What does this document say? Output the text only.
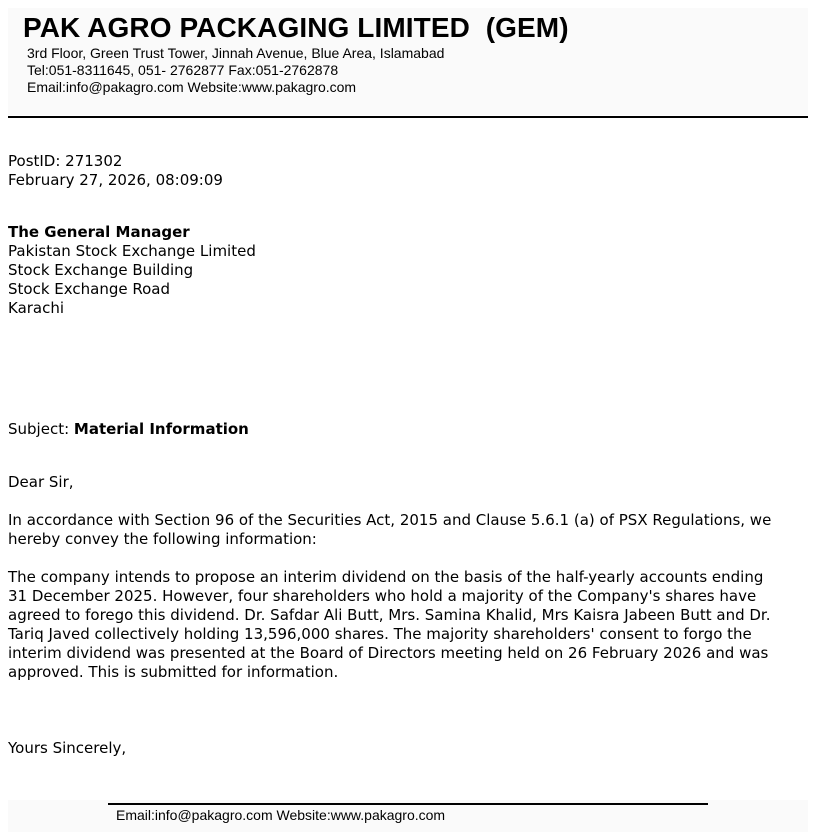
PAK AGRO PACKAGING LIMITED  (GEM)
3rd Floor, Green Trust Tower, Jinnah Avenue, Blue Area, Islamabad
Tel:051-8311645, 051- 2762877 Fax:051-2762878
Email:info@pakagro.com Website:www.pakagro.com
PostID: 271302
February 27, 2026, 08:09:09
The General Manager
Pakistan Stock Exchange Limited
Stock Exchange Building
Stock Exchange Road
Karachi
Subject: Material Information
Dear Sir,
In accordance with Section 96 of the Securities Act, 2015 and Clause 5.6.1 (a) of PSX Regulations, we hereby convey the following information:
The company intends to propose an interim dividend on the basis of the half-yearly accounts ending 31 December 2025. However, four shareholders who hold a majority of the Company's shares have agreed to forego this dividend. Dr. Safdar Ali Butt, Mrs. Samina Khalid, Mrs Kaisra Jabeen Butt and Dr. Tariq Javed collectively holding 13,596,000 shares. The majority shareholders' consent to forgo the interim dividend was presented at the Board of Directors meeting held on 26 February 2026 and was approved. This is submitted for information.
Yours Sincerely,
Email:info@pakagro.com Website:www.pakagro.com
